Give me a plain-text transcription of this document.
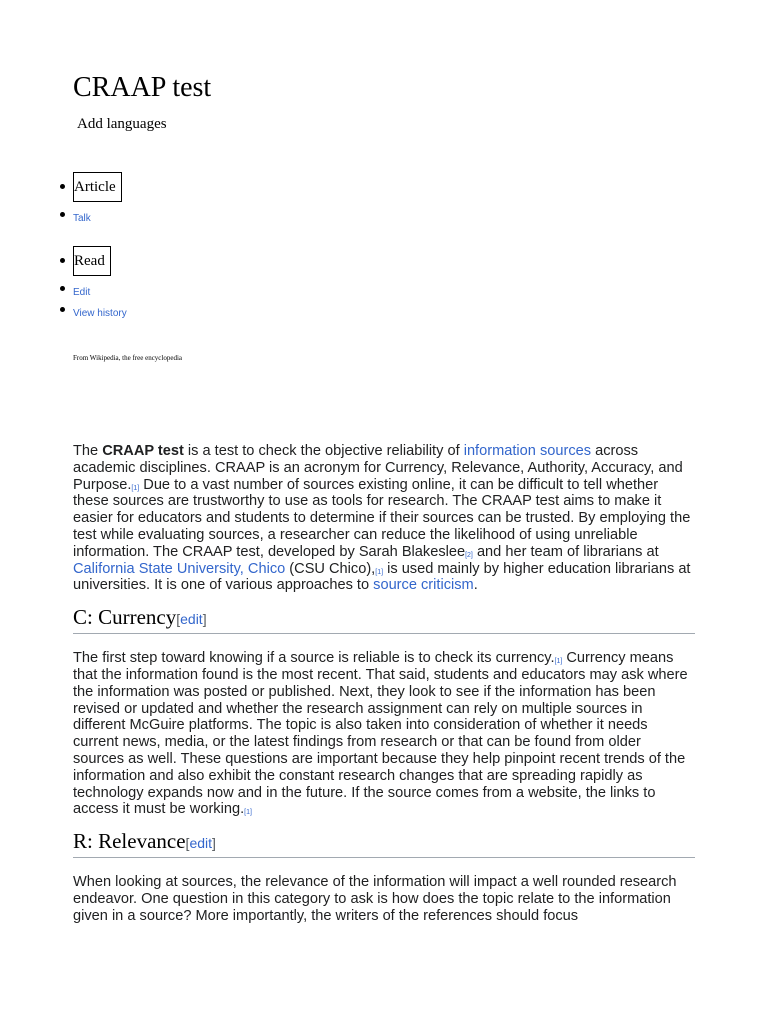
CRAAP test
Add languages
Article
Talk
Read
Edit
View history
From Wikipedia, the free encyclopedia

The CRAAP test is a test to check the objective reliability of information sources across academic disciplines. CRAAP is an acronym for Currency, Relevance, Authority, Accuracy, and Purpose.[1] Due to a vast number of sources existing online, it can be difficult to tell whether these sources are trustworthy to use as tools for research. The CRAAP test aims to make it easier for educators and students to determine if their sources can be trusted. By employing the test while evaluating sources, a researcher can reduce the likelihood of using unreliable information. The CRAAP test, developed by Sarah Blakeslee[2] and her team of librarians at California State University, Chico (CSU Chico),[1] is used mainly by higher education librarians at universities. It is one of various approaches to source criticism.

C: Currency[edit]

The first step toward knowing if a source is reliable is to check its currency.[1] Currency means that the information found is the most recent. That said, students and educators may ask where the information was posted or published. Next, they look to see if the information has been revised or updated and whether the research assignment can rely on multiple sources in different McGuire platforms. The topic is also taken into consideration of whether it needs current news, media, or the latest findings from research or that can be found from older sources as well. These questions are important because they help pinpoint recent trends of the information and also exhibit the constant research changes that are spreading rapidly as technology expands now and in the future. If the source comes from a website, the links to access it must be working.[1]

R: Relevance[edit]

When looking at sources, the relevance of the information will impact a well rounded research endeavor. One question in this category to ask is how does the topic relate to the information given in a source? More importantly, the writers of the references should focus
